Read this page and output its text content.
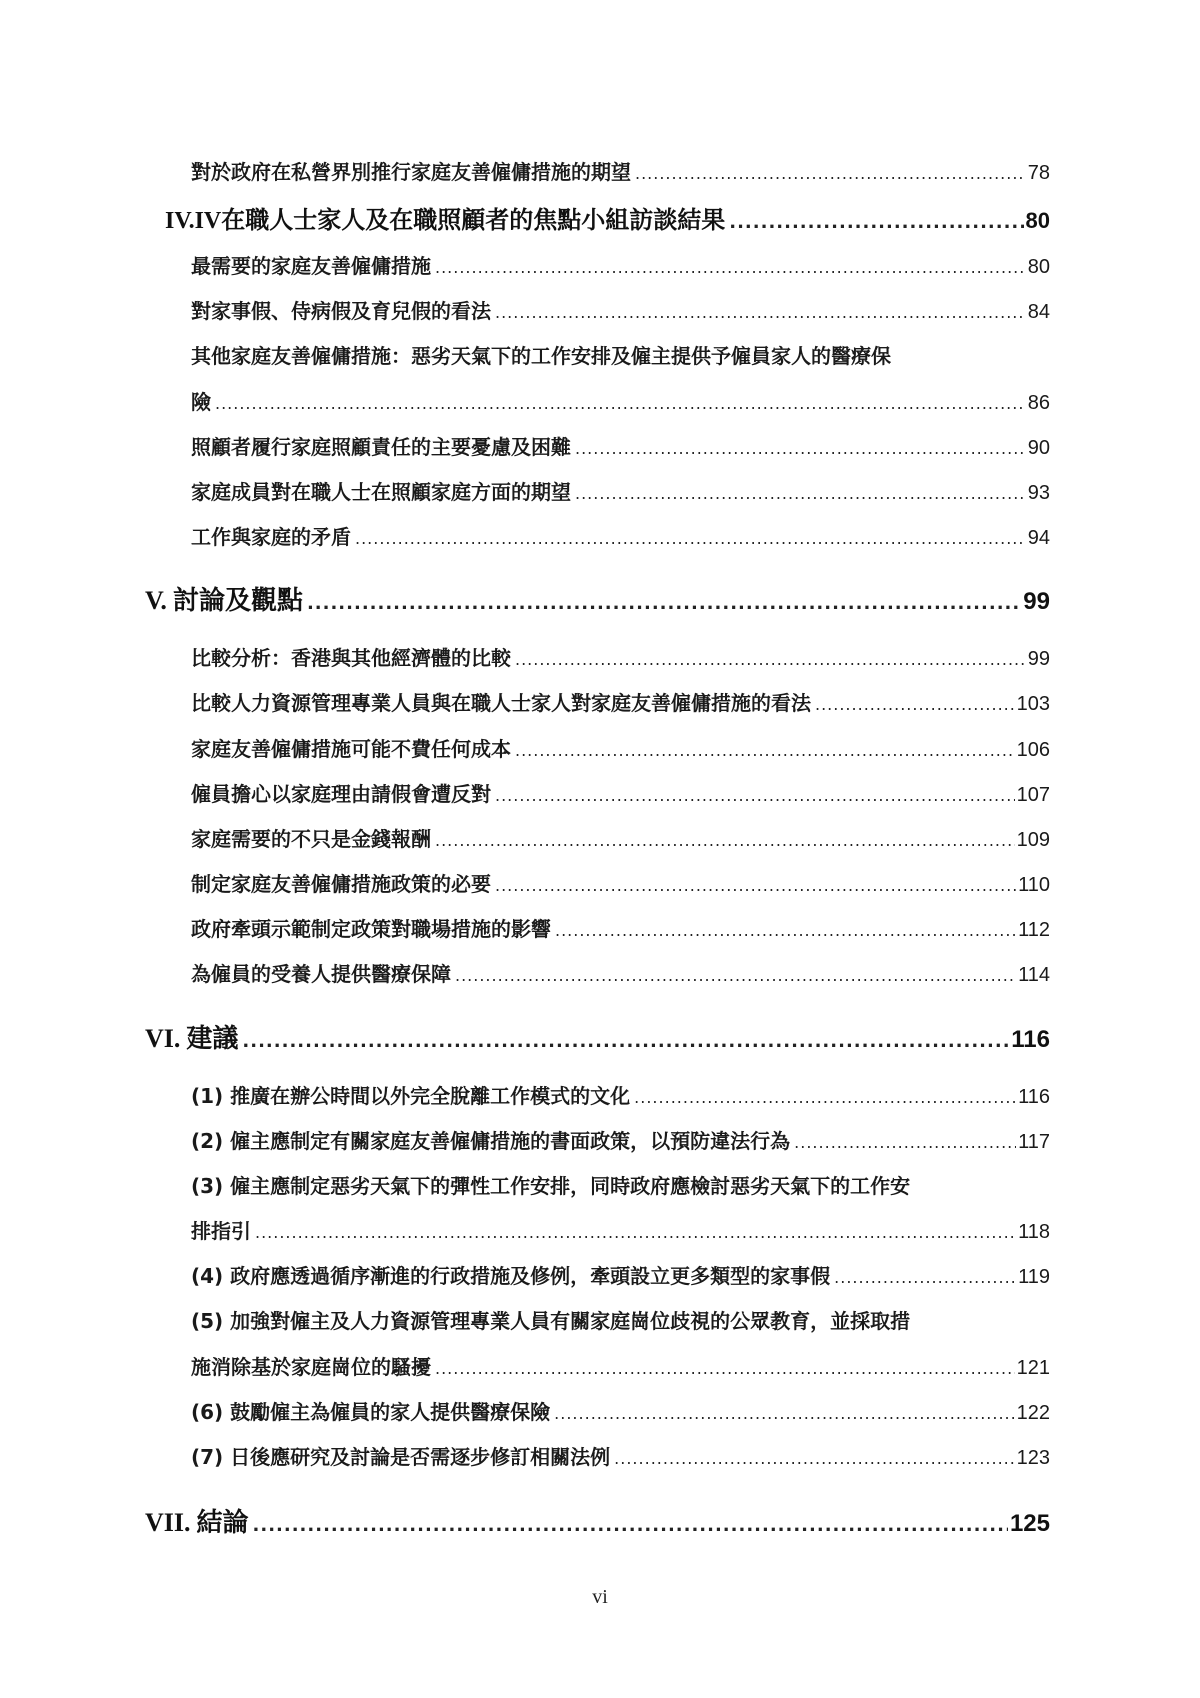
對於政府在私營界別推行家庭友善僱傭措施的期望 .....	78
IV.IV 在職人士家人及在職照顧者的焦點小組訪談結果 .....	80
最需要的家庭友善僱傭措施 .....	80
對家事假、侍病假及育兒假的看法 .....	84
其他家庭友善僱傭措施：惡劣天氣下的工作安排及僱主提供予僱員家人的醫療保
險 .....	86
照顧者履行家庭照顧責任的主要憂慮及困難 .....	90
家庭成員對在職人士在照顧家庭方面的期望 .....	93
工作與家庭的矛盾 .....	94
V. 討論及觀點 .....	99
比較分析：香港與其他經濟體的比較 .....	99
比較人力資源管理專業人員與在職人士家人對家庭友善僱傭措施的看法 .....	103
家庭友善僱傭措施可能不費任何成本 .....	106
僱員擔心以家庭理由請假會遭反對 .....	107
家庭需要的不只是金錢報酬 .....	109
制定家庭友善僱傭措施政策的必要 .....	110
政府牽頭示範制定政策對職場措施的影響 .....	112
為僱員的受養人提供醫療保障 .....	114
VI. 建議 .....	116
(1) 推廣在辦公時間以外完全脫離工作模式的文化 .....	116
(2) 僱主應制定有關家庭友善僱傭措施的書面政策，以預防違法行為 .....	117
(3) 僱主應制定惡劣天氣下的彈性工作安排，同時政府應檢討惡劣天氣下的工作安
排指引 .....	118
(4) 政府應透過循序漸進的行政措施及修例，牽頭設立更多類型的家事假 .....	119
(5) 加強對僱主及人力資源管理專業人員有關家庭崗位歧視的公眾教育，並採取措
施消除基於家庭崗位的騷擾 .....	121
(6) 鼓勵僱主為僱員的家人提供醫療保險 .....	122
(7) 日後應研究及討論是否需逐步修訂相關法例 .....	123
VII. 結論 .....	125
vi
